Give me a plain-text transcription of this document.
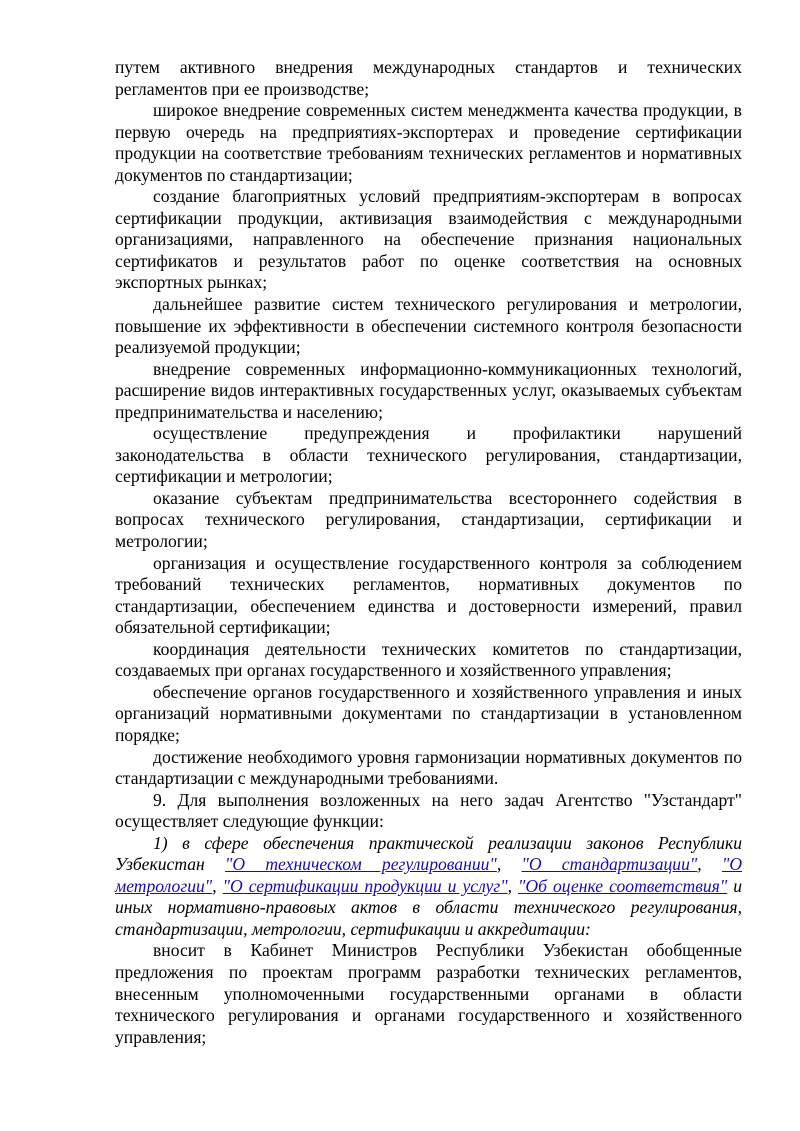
путем активного внедрения международных стандартов и технических регламентов при ее производстве;

широкое внедрение современных систем менеджмента качества продукции, в первую очередь на предприятиях-экспортерах и проведение сертификации продукции на соответствие требованиям технических регламентов и нормативных документов по стандартизации;

создание благоприятных условий предприятиям-экспортерам в вопросах сертификации продукции, активизация взаимодействия с международными организациями, направленного на обеспечение признания национальных сертификатов и результатов работ по оценке соответствия на основных экспортных рынках;

дальнейшее развитие систем технического регулирования и метрологии, повышение их эффективности в обеспечении системного контроля безопасности реализуемой продукции;

внедрение современных информационно-коммуникационных технологий, расширение видов интерактивных государственных услуг, оказываемых субъектам предпринимательства и населению;

осуществление предупреждения и профилактики нарушений законодательства в области технического регулирования, стандартизации, сертификации и метрологии;

оказание субъектам предпринимательства всестороннего содействия в вопросах технического регулирования, стандартизации, сертификации и метрологии;

организация и осуществление государственного контроля за соблюдением требований технических регламентов, нормативных документов по стандартизации, обеспечением единства и достоверности измерений, правил обязательной сертификации;

координация деятельности технических комитетов по стандартизации, создаваемых при органах государственного и хозяйственного управления;

обеспечение органов государственного и хозяйственного управления и иных организаций нормативными документами по стандартизации в установленном порядке;

достижение необходимого уровня гармонизации нормативных документов по стандартизации с международными требованиями.

9. Для выполнения возложенных на него задач Агентство "Узстандарт" осуществляет следующие функции:

1) в сфере обеспечения практической реализации законов Республики Узбекистан "О техническом регулировании", "О стандартизации", "О метрологии", "О сертификации продукции и услуг", "Об оценке соответствия" и иных нормативно-правовых актов в области технического регулирования, стандартизации, метрологии, сертификации и аккредитации:

вносит в Кабинет Министров Республики Узбекистан обобщенные предложения по проектам программ разработки технических регламентов, внесенным уполномоченными государственными органами в области технического регулирования и органами государственного и хозяйственного управления;
